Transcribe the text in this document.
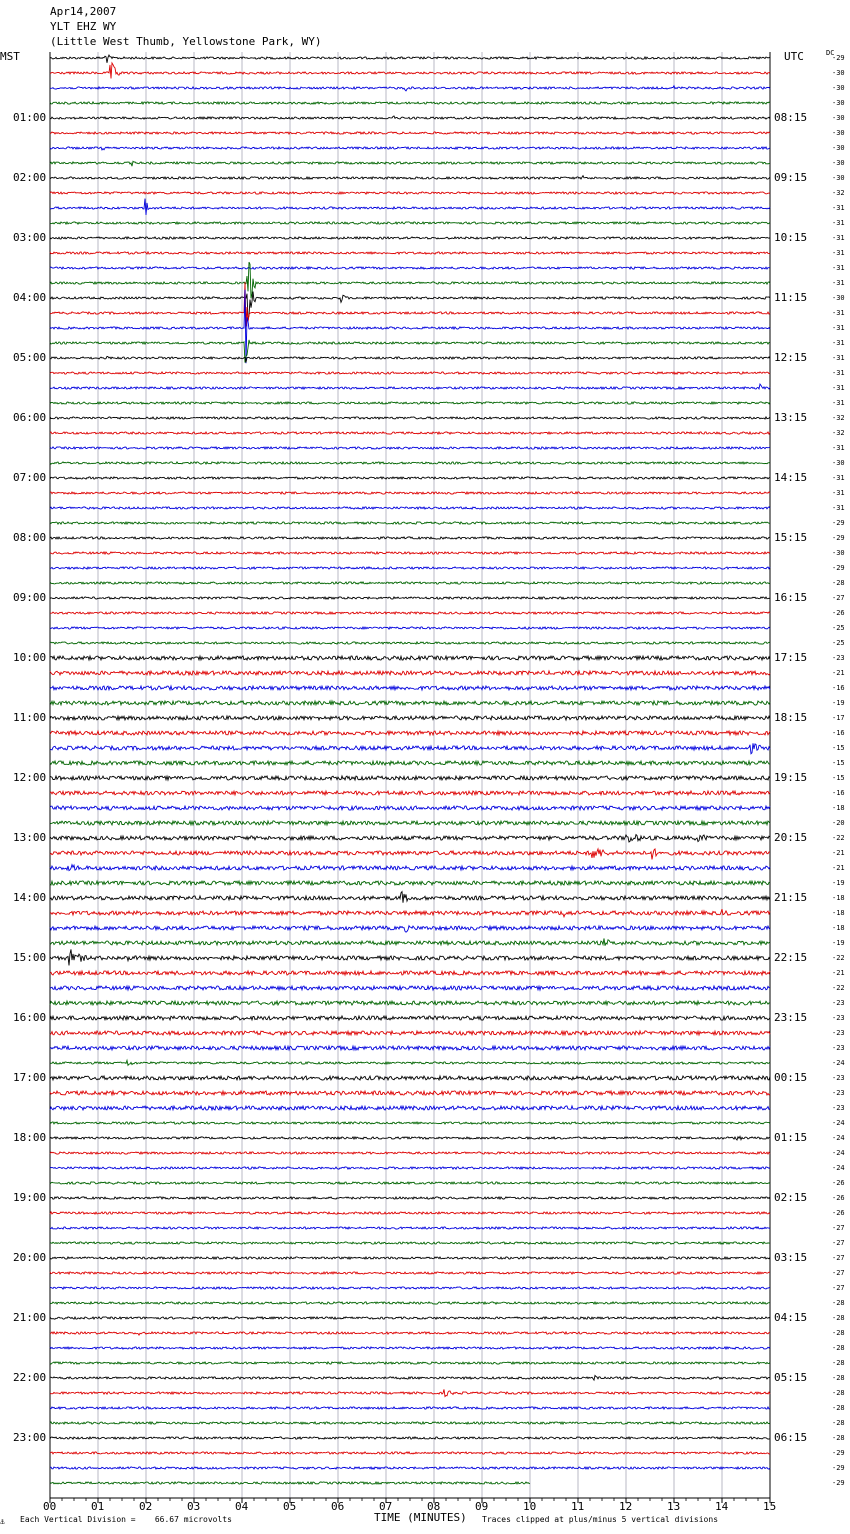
Apr14,2007
YLT EHZ WY
(Little West Thumb, Yellowstone Park, WY)
MST	UTC	DC
01:00
02:00
03:00
04:00
05:00
06:00
07:00
08:00
09:00
10:00
11:00
12:00
13:00
14:00
15:00
16:00
17:00
18:00
19:00
20:00
21:00
22:00
23:00
08:15
09:15
10:15
11:15
12:15
13:15
14:15
15:15
16:15
17:15
18:15
19:15
20:15
21:15
22:15
23:15
00:15
01:15
02:15
03:15
04:15
05:15
06:15
-29
-30
-30
-30
-30
-30
-30
-30
-30
-32
-31
-31
-31
-31
-31
-31
-30
-31
-31
-31
-31
-31
-31
-31
-32
-32
-31
-30
-31
-31
-31
-29
-29
-30
-29
-28
-27
-26
-25
-25
-23
-21
-16
-19
-17
-16
-15
-15
-15
-16
-18
-20
-22
-21
-21
-19
-18
-18
-18
-19
-22
-21
-22
-23
-23
-23
-23
-24
-23
-23
-23
-24
-24
-24
-24
-26
-26
-26
-27
-27
-27
-27
-27
-28
-28
-28
-28
-28
-28
-28
-28
-28
-28
-29
-29
-29
00	01	02	03	04	05	06	07	08	09	10	11	12	13	14	15
⚓ Each Vertical Division =    66.67 microvolts	TIME (MINUTES) Traces clipped at plus/minus 5 vertical divisions
